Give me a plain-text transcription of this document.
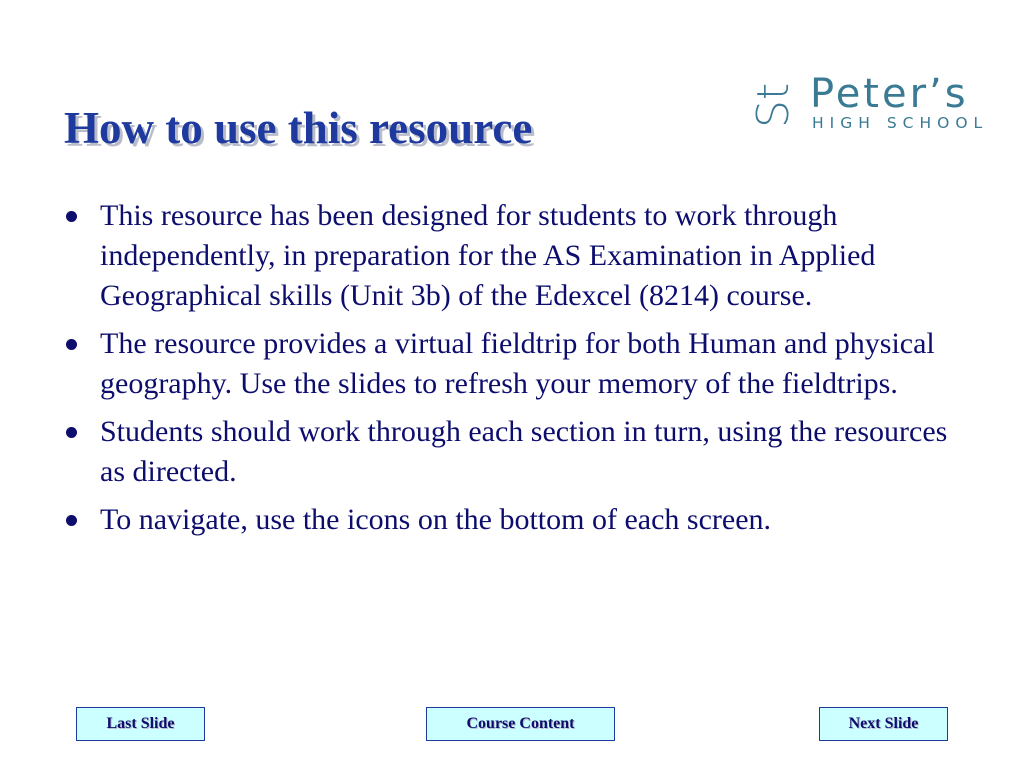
How to use this resource	St Peter’s
HIGH SCHOOL
This resource has been designed for students to work through independently, in preparation for the AS Examination in Applied Geographical skills (Unit 3b) of the Edexcel (8214) course.
The resource provides a virtual fieldtrip for both Human and physical geography. Use the slides to refresh your memory of the fieldtrips.
Students should work through each section in turn, using the resources as directed.
To navigate, use the icons on the bottom of each screen.
Last Slide	Course Content	Next Slide
